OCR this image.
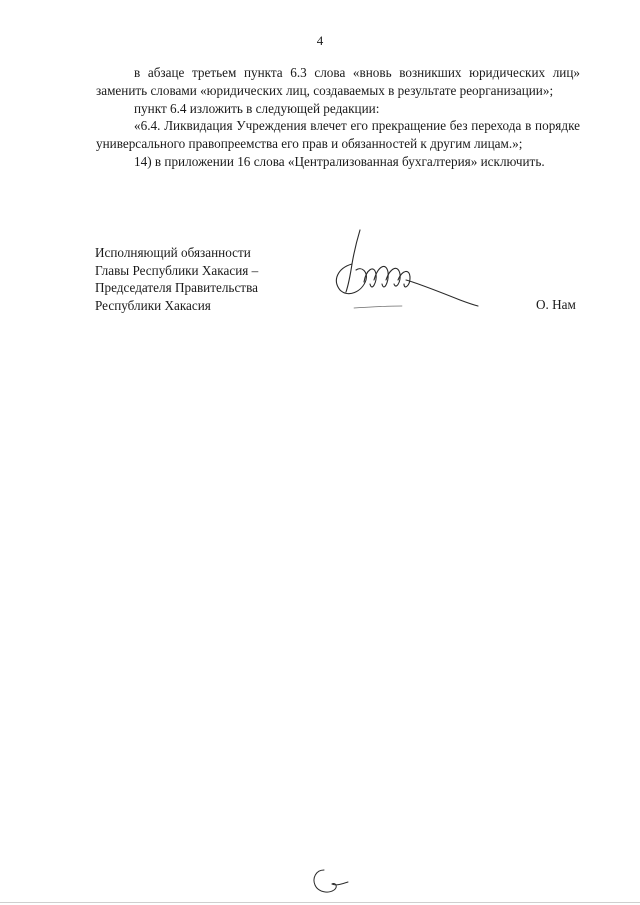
4

в абзаце третьем пункта 6.3 слова «вновь возникших юридических лиц» заменить словами «юридических лиц, создаваемых в результате реорганизации»;

пункт 6.4 изложить в следующей редакции:

«6.4. Ликвидация Учреждения влечет его прекращение без перехода в порядке универсального правопреемства его прав и обязанностей к другим лицам.»;

14) в приложении 16 слова «Централизованная бухгалтерия» исключить.

Исполняющий обязанности
Главы Республики Хакасия –
Председателя Правительства
Республики Хакасия	О. Нам
